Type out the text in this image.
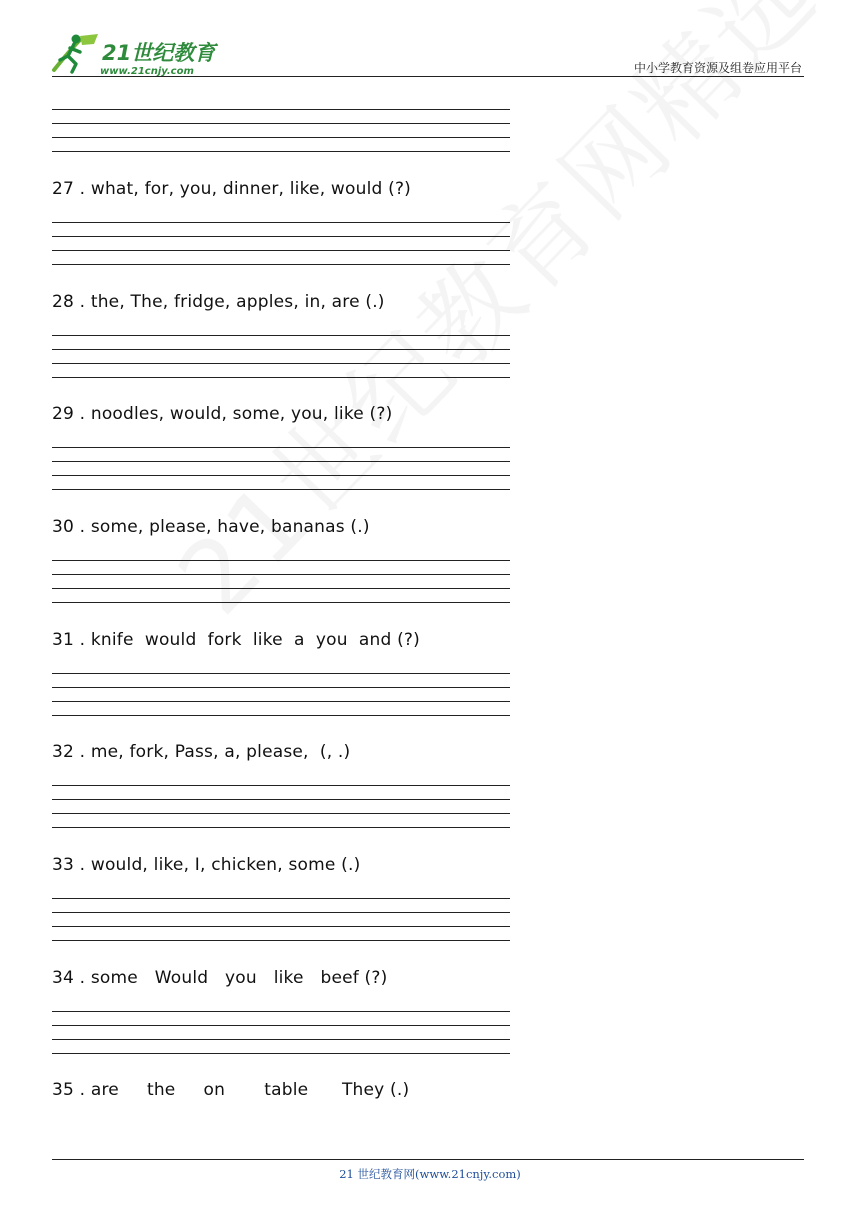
21世纪教育
www.21cnjy.com	中小学教育资源及组卷应用平台
27 . what, for, you, dinner, like, would (?)
28 . the, The, fridge, apples, in, are (.)
29 . noodles, would, some, you, like (?)
30 . some, please, have, bananas (.)
31 . knife  would  fork  like  a  you  and (?)
32 . me, fork, Pass, a, please,  (, .)
33 . would, like, I, chicken, some (.)
34 . some   Would   you   like   beef (?)
35 . are     the     on       table      They (.)
21 世纪教育网(www.21cnjy.com)
